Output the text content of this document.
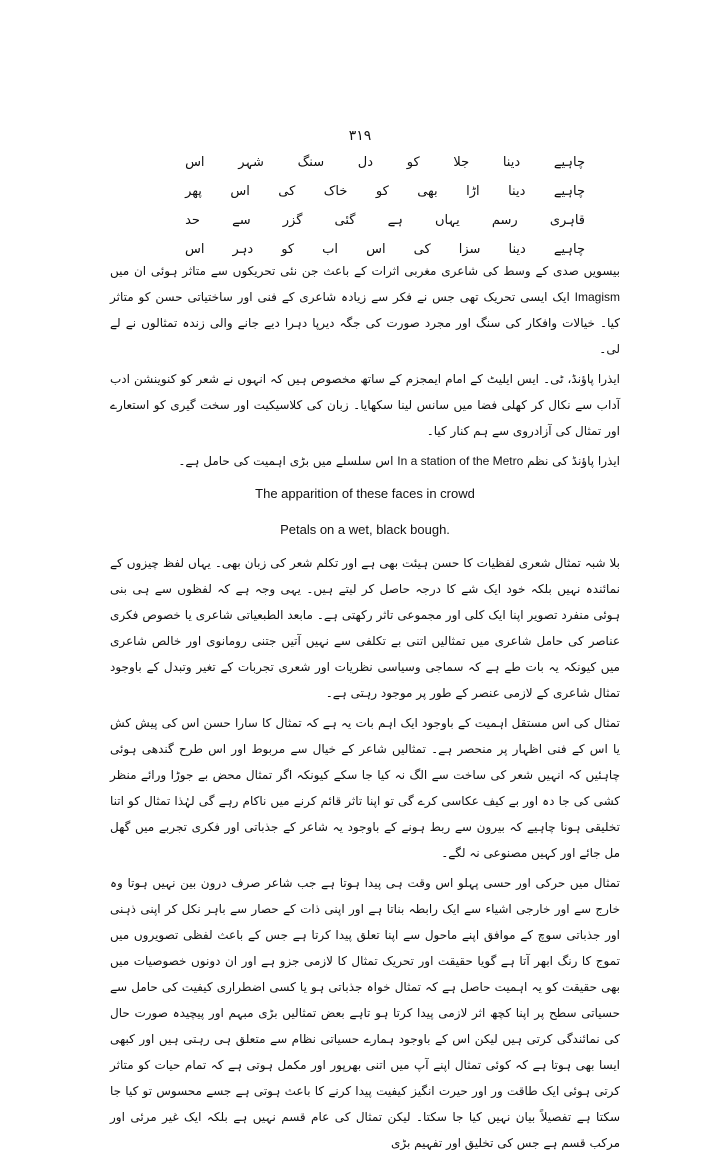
۳۱۹
اس	شہر	سنگ	دل	کو	جلا	دینا	چاہیے
پھر اس کی خاک کو بھی اڑا دینا چاہیے
حد سے گزر گئی ہے یہاں رسم قاہری
اس دہر کو اب اس کی سزا دینا چاہیے

بیسویں صدی کے وسط کی شاعری مغربی اثرات کے باعث جن نئی تحریکوں سے متاثر ہوئی ان میں Imagism ایک ایسی تحریک تھی جس نے فکر سے زیادہ شاعری کے فنی اور ساختیاتی حسن کو متاثر کیا۔ خیالات وافکار کی سنگ اور مجرد صورت کی جگہ دیرپا دہرا دیے جانے والی زندہ تمثالوں نے لے لی۔

ایذرا پاؤنڈ، ٹی۔ ایس ایلیٹ کے امام ایمجزم کے ساتھ مخصوص ہیں کہ انہوں نے شعر کو کنوینشن ادب آداب سے نکال کر کھلی فضا میں سانس لینا سکھایا۔ زبان کی کلاسیکیت اور سخت گیری کو استعارے اور تمثال کی آزادروی سے ہم کنار کیا۔

ایذرا پاؤنڈ کی نظم In a station of the Metro اس سلسلے میں بڑی اہمیت کی حامل ہے۔

The apparition of these faces in crowd

Petals on a wet, black bough.

بلا شبہ تمثال شعری لفظیات کا حسن ہیئت بھی ہے اور تکلم شعر کی زبان بھی۔ یہاں لفظ چیزوں کے نمائندہ نہیں بلکہ خود ایک شے کا درجہ حاصل کر لیتے ہیں۔ یہی وجہ ہے کہ لفظوں سے ہی بنی ہوئی منفرد تصویر اپنا ایک کلی اور مجموعی تاثر رکھتی ہے۔ مابعد الطبعیاتی شاعری یا خصوص فکری عناصر کی حامل شاعری میں تمثالیں اتنی بے تکلفی سے نہیں آتیں جتنی رومانوی اور خالص شاعری میں کیونکہ یہ بات طے ہے کہ سماجی وسیاسی نظریات اور شعری تجربات کے تغیر وتبدل کے باوجود تمثال شاعری کے لازمی عنصر کے طور پر موجود رہتی ہے۔

تمثال کی اس مستقل اہمیت کے باوجود ایک اہم بات یہ ہے کہ تمثال کا سارا حسن اس کی پیش کش یا اس کے فنی اظہار پر منحصر ہے۔ تمثالیں شاعر کے خیال سے مربوط اور اس طرح گندھی ہوئی چاہئیں کہ انہیں شعر کی ساخت سے الگ نہ کیا جا سکے کیونکہ اگر تمثال محض بے جوڑا ورائے منظر کشی کی جا دہ اور بے کیف عکاسی کرے گی تو اپنا تاثر قائم کرنے میں ناکام رہے گی لہٰذا تمثال کو اتنا تخلیقی ہونا چاہیے کہ بیرون سے ربط ہونے کے باوجود یہ شاعر کے جذباتی اور فکری تجربے میں گھل مل جائے اور کہیں مصنوعی نہ لگے۔

تمثال میں حرکی اور حسی پہلو اس وقت ہی پیدا ہوتا ہے جب شاعر صرف درون بین نہیں ہوتا وہ خارج سے اور خارجی اشیاء سے ایک رابطہ بناتا ہے اور اپنی ذات کے حصار سے باہر نکل کر اپنی ذہنی اور جذباتی سوچ کے موافق اپنے ماحول سے اپنا تعلق پیدا کرتا ہے جس کے باعث لفظی تصویروں میں تموج کا رنگ ابھر آتا ہے گویا حقیقت اور تحریک تمثال کا لازمی جزو ہے اور ان دونوں خصوصیات میں بھی حقیقت کو یہ اہمیت حاصل ہے کہ تمثال خواہ جذباتی ہو یا کسی اضطراری کیفیت کی حامل سے حسیاتی سطح پر اپنا کچھ اثر لازمی پیدا کرتا ہو تاہے بعض تمثالیں بڑی مبہم اور پیچیدہ صورت حال کی نمائندگی کرتی ہیں لیکن اس کے باوجود ہمارے حسیاتی نظام سے متعلق ہی رہتی ہیں اور کبھی ایسا بھی ہوتا ہے کہ کوئی تمثال اپنے آپ میں اتنی بھرپور اور مکمل ہوتی ہے کہ تمام حیات کو متاثر کرتی ہوئی ایک طاقت ور اور حیرت انگیز کیفیت پیدا کرنے کا باعث ہوتی ہے جسے محسوس تو کیا جا سکتا ہے تفصیلاً بیان نہیں کیا جا سکتا۔ لیکن تمثال کی عام قسم نہیں ہے بلکہ ایک غیر مرئی اور مرکب قسم ہے جس کی تخلیق اور تفہیم بڑی
